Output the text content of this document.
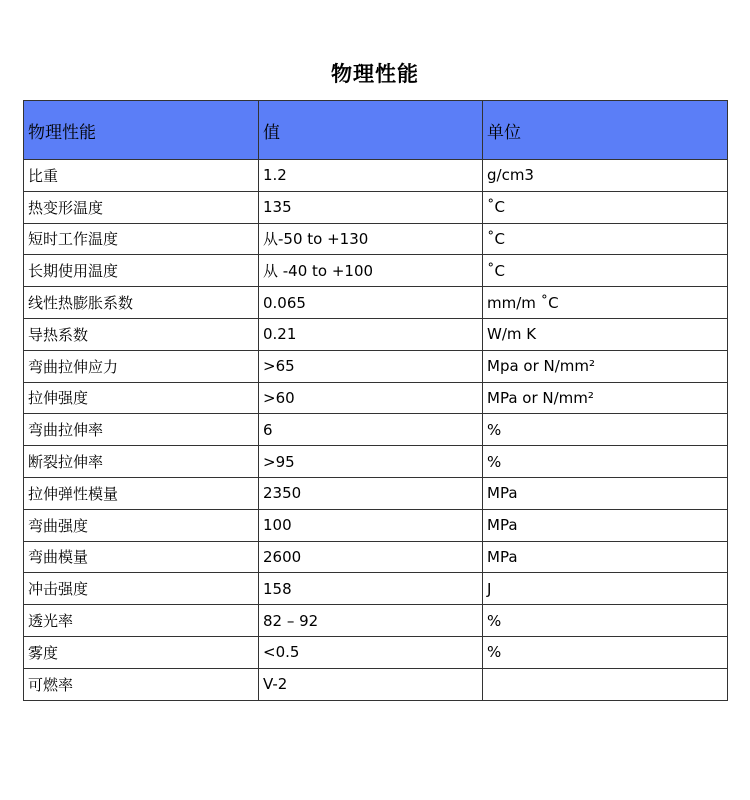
物理性能
物理性能	值	单位
比重	1.2	g/cm3
热变形温度	135	˚C
短时工作温度	从-50 to +130	˚C
长期使用温度	从 -40 to +100	˚C
线性热膨胀系数	0.065	mm/m ˚C
导热系数	0.21	W/m K
弯曲拉伸应力	>65	Mpa or N/mm²
拉伸强度	>60	MPa or N/mm²
弯曲拉伸率	6	%
断裂拉伸率	>95	%
拉伸弹性模量	2350	MPa
弯曲强度	100	MPa
弯曲模量	2600	MPa
冲击强度	158	J
透光率	82 – 92	%
雾度	<0.5	%
可燃率	V-2	
